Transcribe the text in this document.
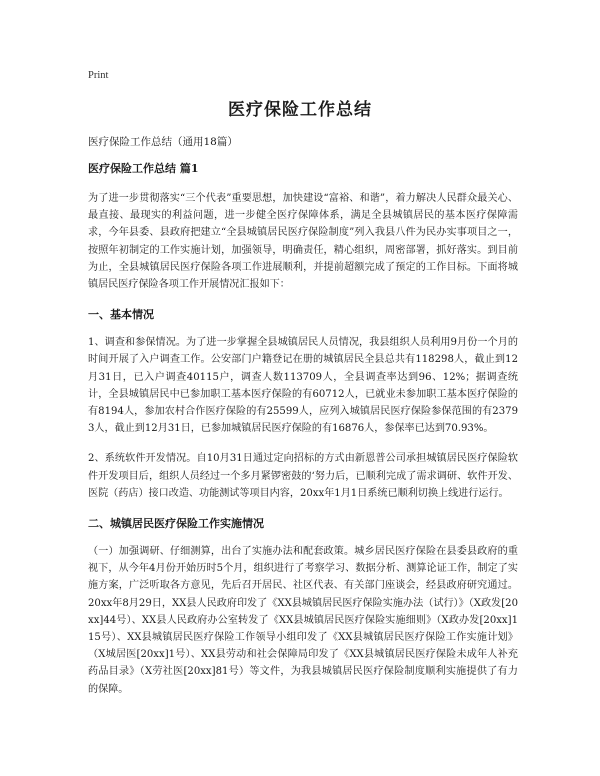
Print
医疗保险工作总结
医疗保险工作总结（通用18篇）
医疗保险工作总结 篇1

为了进一步贯彻落实“三个代表”重要思想，加快建设“富裕、和谐”，着力解决人民群众最关心、最直接、最现实的利益问题，进一步健全医疗保障体系，满足全县城镇居民的基本医疗保障需求，今年县委、县政府把建立“全县城镇居民医疗保险制度”列入我县八件为民办实事项目之一，按照年初制定的工作实施计划，加强领导，明确责任，精心组织，周密部署，抓好落实。到目前为止，全县城镇居民医疗保险各项工作进展顺利，并提前超额完成了预定的工作目标。下面将城镇居民医疗保险各项工作开展情况汇报如下：

一、基本情况

1、调查和参保情况。为了进一步掌握全县城镇居民人员情况，我县组织人员利用9月份一个月的时间开展了入户调查工作。公安部门户籍登记在册的城镇居民全县总共有118298人，截止到12月31日，已入户调查40115户，调查人数113709人，全县调查率达到96、12%；据调查统计，全县城镇居民中已参加职工基本医疗保险的有60712人，已就业未参加职工基本医疗保险的有8194人，参加农村合作医疗保险的有25599人，应列入城镇居民医疗保险参保范围的有23793人，截止到12月31日，已参加城镇居民医疗保险的有16876人，参保率已达到70.93%。

2、系统软件开发情况。自10月31日通过定向招标的方式由新恩普公司承担城镇居民医疗保险软件开发项目后，组织人员经过一个多月紧锣密鼓的‘努力后，已顺利完成了需求调研、软件开发、医院（药店）接口改造、功能测试等项目内容，20xx年1月1日系统已顺利切换上线进行运行。

二、城镇居民医疗保险工作实施情况

（一）加强调研、仔细测算，出台了实施办法和配套政策。城乡居民医疗保险在县委县政府的重视下，从今年4月份开始历时5个月，组织进行了考察学习、数据分析、测算论证工作，制定了实施方案，广泛听取各方意见，先后召开居民、社区代表、有关部门座谈会，经县政府研究通过。20xx年8月29日，XX县人民政府印发了《XX县城镇居民医疗保险实施办法（试行）》（X政发[20xx]44号）、XX县人民政府办公室转发了《XX县城镇居民医疗保险实施细则》（X政办发[20xx]115号）、XX县城镇居民医疗保险工作领导小组印发了《XX县城镇居民医疗保险工作实施计划》（X城居医[20xx]1号）、XX县劳动和社会保障局印发了《XX县城镇居民医疗保险未成年人补充药品目录》（X劳社医[20xx]81号）等文件，为我县城镇居民医疗保险制度顺利实施提供了有力的保障。
